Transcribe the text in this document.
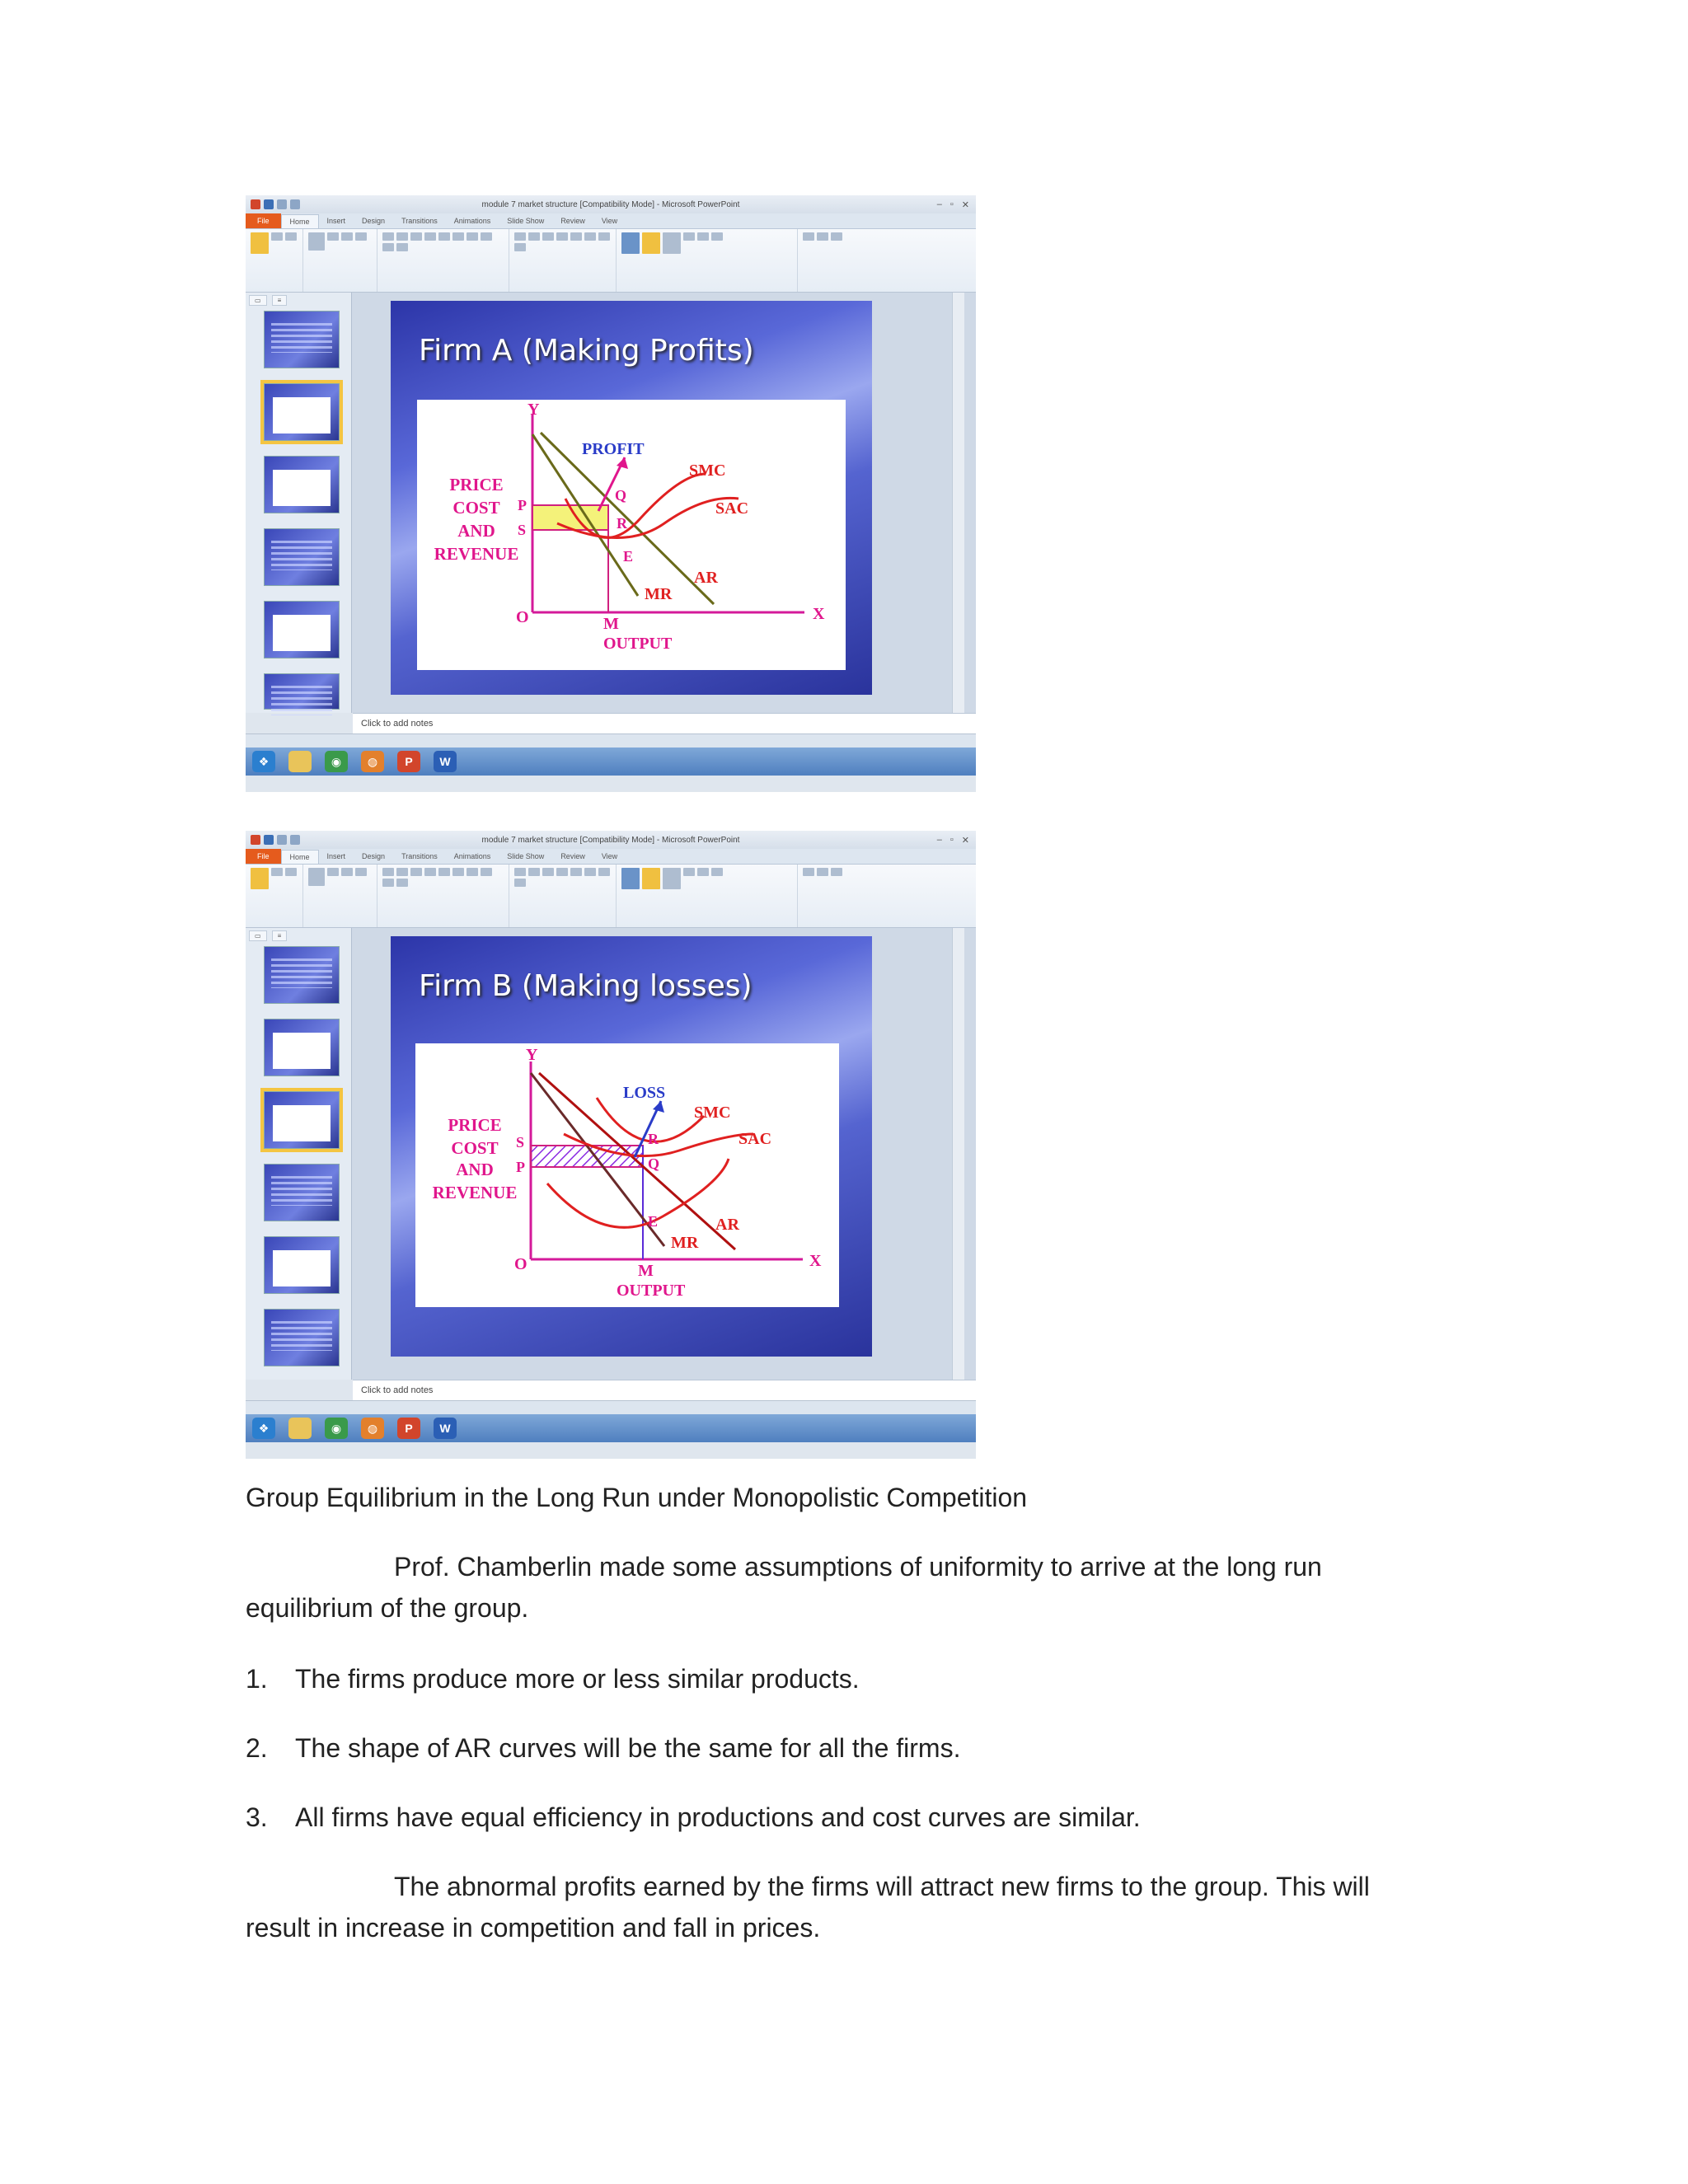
module 7 market structure [Compatibility Mode] - Microsoft PowerPoint	– ▫ ✕
File	Home	Insert	Design	Transitions	Animations	Slide Show	Review	View
▭	≡
Firm A (Making Profits)
Y
X
O
PROFIT
SMC
SAC
AR
MR
M
OUTPUT
P
S
Q
R
E
PRICE
COST
AND
REVENUE
Click to add notes
❖	◉	◍	P	W
module 7 market structure [Compatibility Mode] - Microsoft PowerPoint	– ▫ ✕
File	Home	Insert	Design	Transitions	Animations	Slide Show	Review	View
▭	≡
Firm B (Making losses)
Y
X
O
LOSS
SMC
SAC
AR
MR
M
OUTPUT
S
P
R
Q
E
PRICE
COST
AND
REVENUE
Click to add notes
❖	◉	◍	P	W
Group Equilibrium in the Long Run under Monopolistic Competition
Prof. Chamberlin made some assumptions of uniformity to arrive at the long run
equilibrium of the group.
1. The firms produce more or less similar products.
2. The shape of AR curves will be the same for all the firms.
3. All firms have equal efficiency in productions and cost curves are similar.
The abnormal profits earned by the firms will attract new firms to the group. This will
result in increase in competition and fall in prices.
